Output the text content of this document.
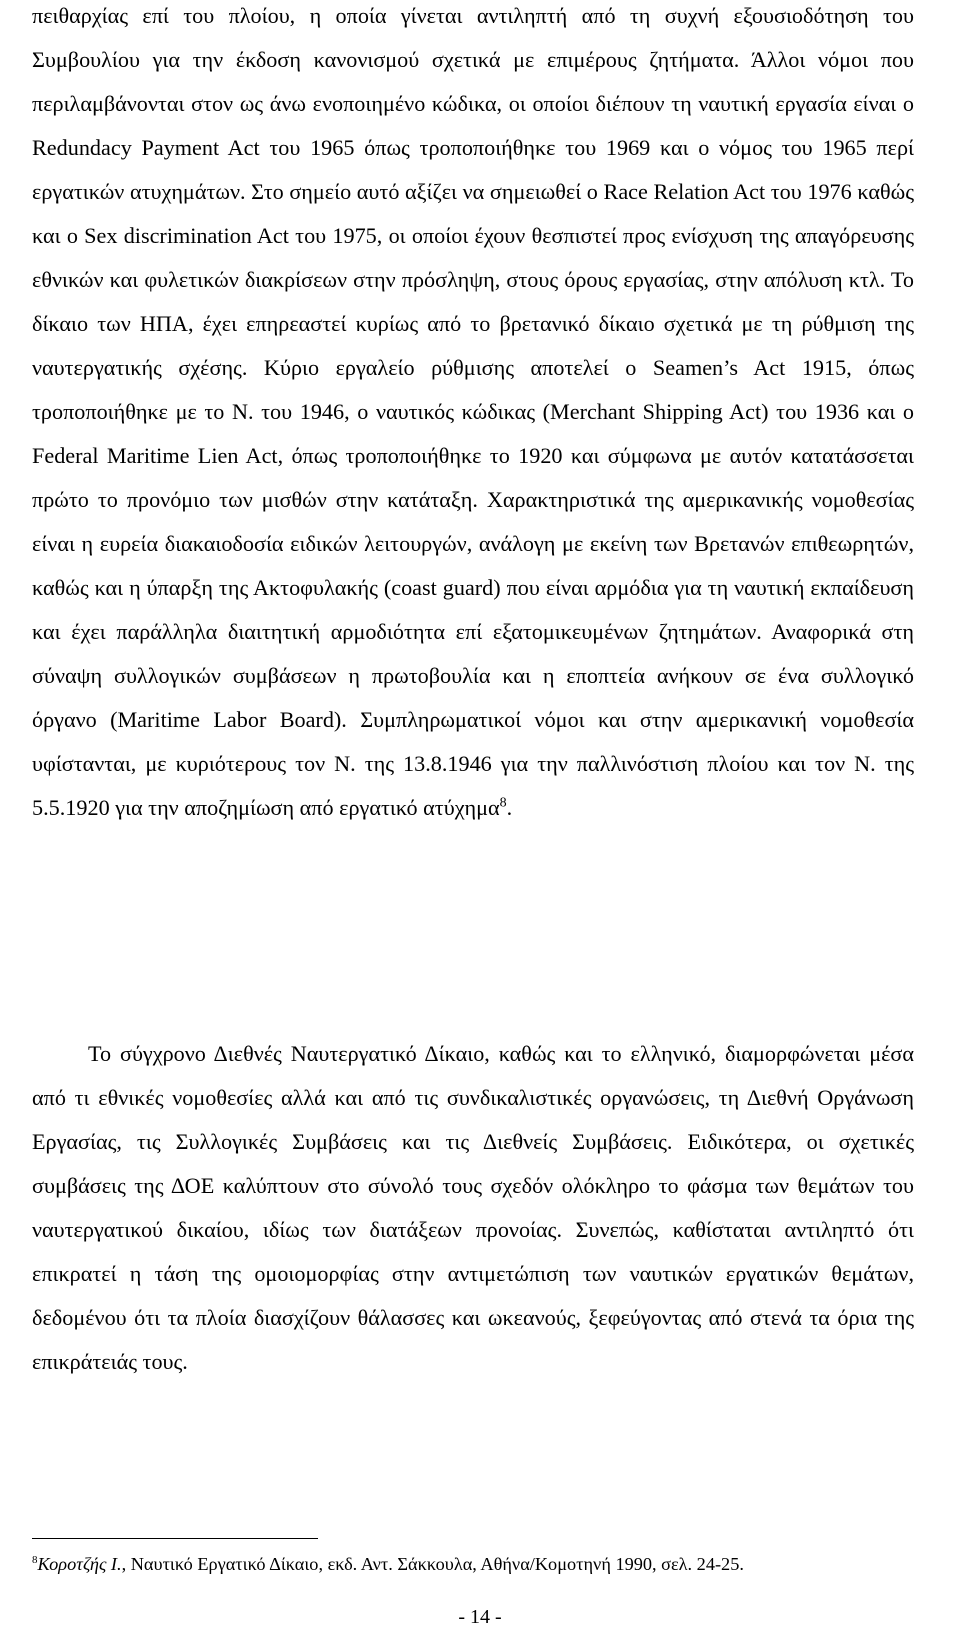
πειθαρχίας επί του πλοίου, η οποία γίνεται αντιληπτή από τη συχνή εξουσιοδότηση του Συμβουλίου για την έκδοση κανονισμού σχετικά με επιμέρους ζητήματα. Άλλοι νόμοι που περιλαμβάνονται στον ως άνω ενοποιημένο κώδικα, οι οποίοι διέπουν τη ναυτική εργασία είναι ο Redundacy Payment Act του 1965 όπως τροποποιήθηκε του 1969 και ο νόμος του 1965 περί εργατικών ατυχημάτων. Στο σημείο αυτό αξίζει να σημειωθεί ο Race Relation Act του 1976 καθώς και ο Sex discrimination Act του 1975, οι οποίοι έχουν θεσπιστεί προς ενίσχυση της απαγόρευσης εθνικών και φυλετικών διακρίσεων στην πρόσληψη, στους όρους εργασίας, στην απόλυση κτλ. Το δίκαιο των ΗΠΑ, έχει επηρεαστεί κυρίως από το βρετανικό δίκαιο σχετικά με τη ρύθμιση της ναυτεργατικής σχέσης. Κύριο εργαλείο ρύθμισης αποτελεί ο Seamen’s Act 1915, όπως τροποποιήθηκε με το Ν. του 1946, ο ναυτικός κώδικας (Merchant Shipping Act) του 1936 και ο Federal Maritime Lien Act, όπως τροποποιήθηκε το 1920 και σύμφωνα με αυτόν κατατάσσεται πρώτο το προνόμιο των μισθών στην κατάταξη. Χαρακτηριστικά της αμερικανικής νομοθεσίας είναι η ευρεία διακαιοδοσία ειδικών λειτουργών, ανάλογη με εκείνη των Βρετανών επιθεωρητών, καθώς και η ύπαρξη της Ακτοφυλακής (coast guard) που είναι αρμόδια για τη ναυτική εκπαίδευση και έχει παράλληλα διαιτητική αρμοδιότητα επί εξατομικευμένων ζητημάτων. Αναφορικά στη σύναψη συλλογικών συμβάσεων η πρωτοβουλία και η εποπτεία ανήκουν σε ένα συλλογικό όργανο (Maritime Labor Board). Συμπληρωματικοί νόμοι και στην αμερικανική νομοθεσία υφίστανται, με κυριότερους τον Ν. της 13.8.1946 για την παλλινόστιση πλοίου και τον Ν. της 5.5.1920 για την αποζημίωση από εργατικό ατύχημα$^8$.

Το σύγχρονο Διεθνές Ναυτεργατικό Δίκαιο, καθώς και το ελληνικό, διαμορφώνεται μέσα από τι εθνικές νομοθεσίες αλλά και από τις συνδικαλιστικές οργανώσεις, τη Διεθνή Οργάνωση Εργασίας, τις Συλλογικές Συμβάσεις και τις Διεθνείς Συμβάσεις. Ειδικότερα, οι σχετικές συμβάσεις της ΔΟΕ καλύπτουν στο σύνολό τους σχεδόν ολόκληρο το φάσμα των θεμάτων του ναυτεργατικού δικαίου, ιδίως των διατάξεων προνοίας. Συνεπώς, καθίσταται αντιληπτό ότι επικρατεί η τάση της ομοιομορφίας στην αντιμετώπιση των ναυτικών εργατικών θεμάτων, δεδομένου ότι τα πλοία διασχίζουν θάλασσες και ωκεανούς, ξεφεύγοντας από στενά τα όρια της επικράτειάς τους.

$^8$Κοροτζής Ι., Ναυτικό Εργατικό Δίκαιο, εκδ. Αντ. Σάκκουλα, Αθήνα/Κομοτηνή 1990, σελ. 24-25.

- 14 -
